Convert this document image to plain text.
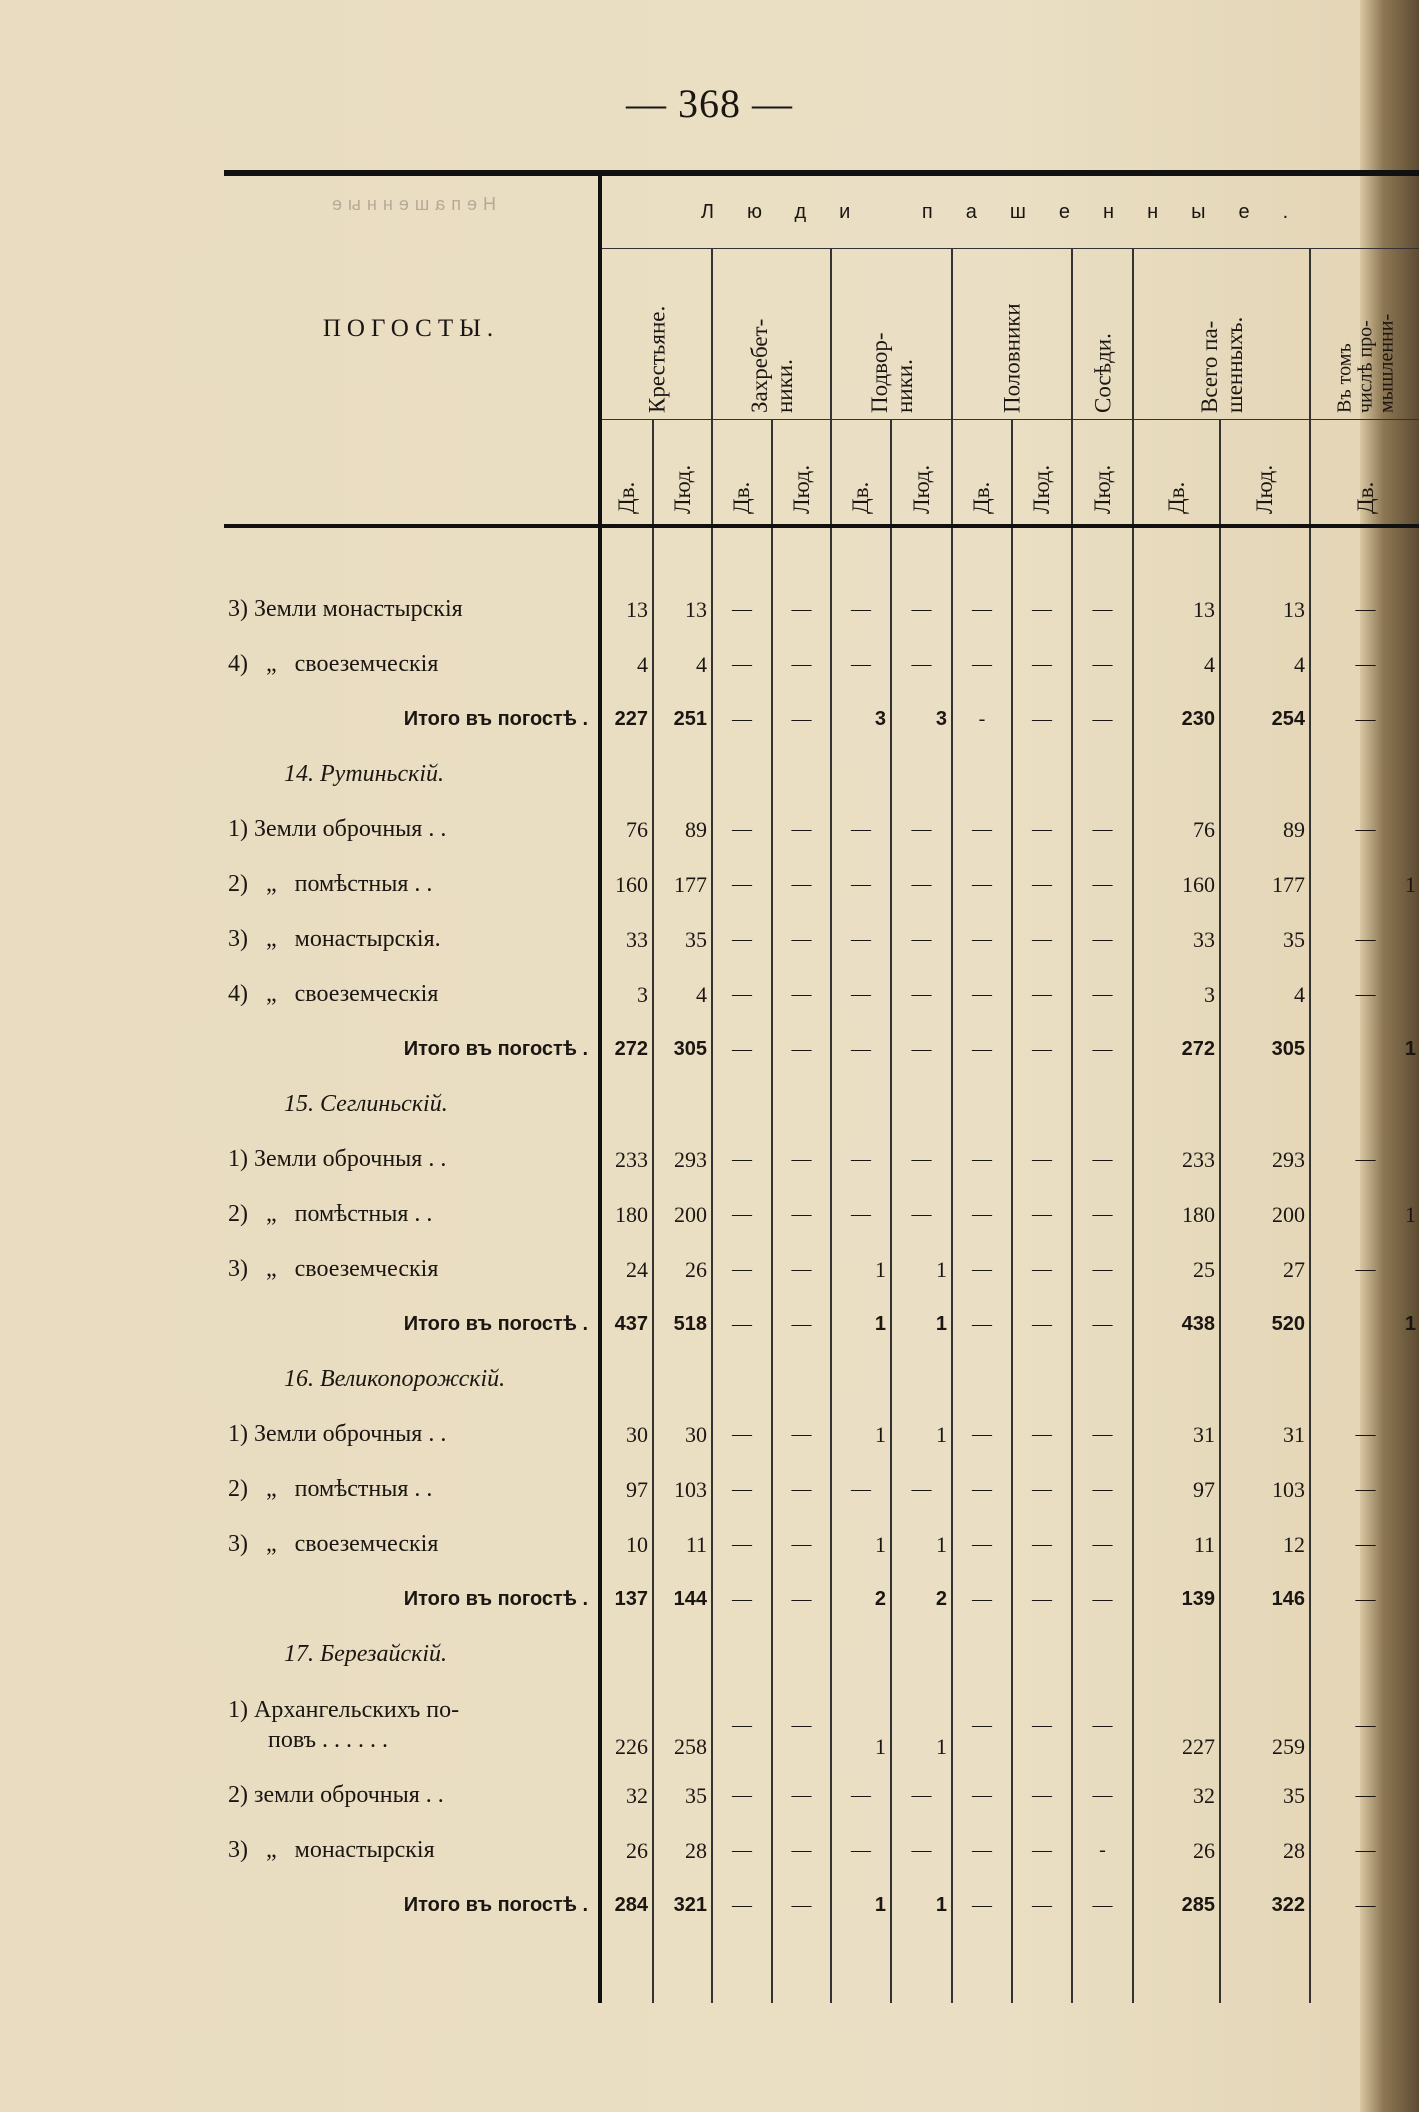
— 368 —

Непашенные
ПОГОСТЫ.	Люди пашенные.											

	Крестьяне.		Захребет-
ники.		Подвор-
ники.		Половники		Сосѣди.	Всего па-
шенныхъ.		Въ томъ
числѣ про-
мышленни-

	Дв.	Люд.	Дв.	Люд.	Дв.	Люд.	Дв.	Люд.	Люд.	Дв.	Люд.	Дв.

3) Земли монастырскія	13	13	—	—	—	—	—	—	—	13	13	—
4)   „   своеземческія	4	4	—	—	—	—	—	—	—	4	4	—
Итого въ погостѣ .	227	251	—	—	3	3	-	—	—	230	254	—
14. Рутиньскій.												
1) Земли оброчныя . .	76	89	—	—	—	—	—	—	—	76	89	—
2)   „   помѣстныя . .	160	177	—	—	—	—	—	—	—	160	177	1
3)   „   монастырскія.	33	35	—	—	—	—	—	—	—	33	35	—
4)   „   своеземческія	3	4	—	—	—	—	—	—	—	3	4	—
Итого въ погостѣ .	272	305	—	—	—	—	—	—	—	272	305	1
15. Сеглиньскій.												
1) Земли оброчныя . .	233	293	—	—	—	—	—	—	—	233	293	—
2)   „   помѣстныя . .	180	200	—	—	—	—	—	—	—	180	200	1
3)   „   своеземческія	24	26	—	—	1	1	—	—	—	25	27	—
Итого въ погостѣ .	437	518	—	—	1	1	—	—	—	438	520	1
16. Великопорожскій.												
1) Земли оброчныя . .	30	30	—	—	1	1	—	—	—	31	31	—
2)   „   помѣстныя . .	97	103	—	—	—	—	—	—	—	97	103	—
3)   „   своеземческія	10	11	—	—	1	1	—	—	—	11	12	—
Итого въ погостѣ .	137	144	—	—	2	2	—	—	—	139	146	—
17. Березайскій.												

1) Архангельскихъ по-
повъ . . . . . .	226	258	—	—	1	1	—	—	—	227	259	—
2) земли оброчныя . .	32	35	—	—	—	—	—	—	—	32	35	—
3)   „   монастырскія	26	28	—	—	—	—	—	—	-	26	28	—
Итого въ погостѣ .	284	321	—	—	1	1	—	—	—	285	322	—
